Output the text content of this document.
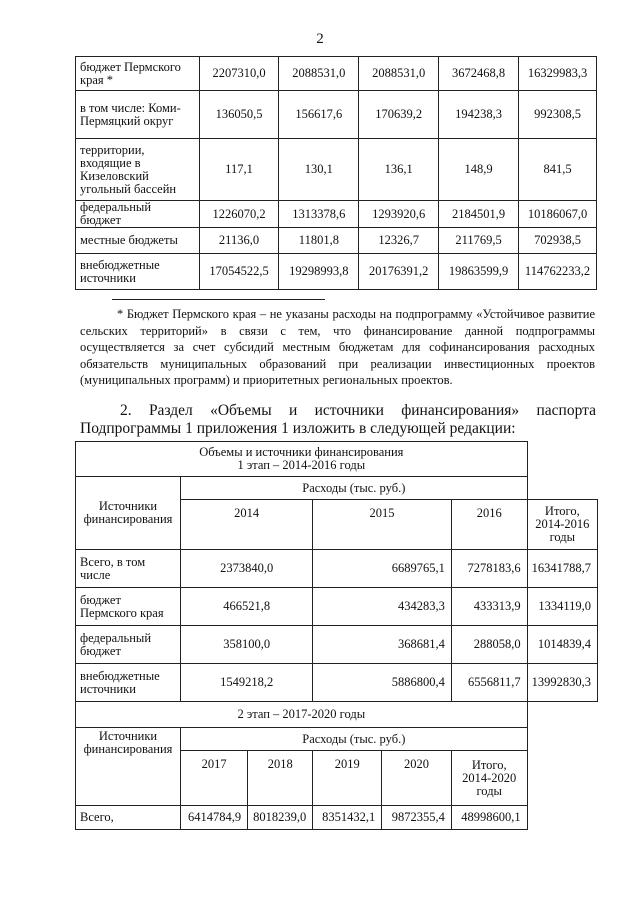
2
бюджет Пермского края *	2207310,0	2088531,0	2088531,0	3672468,8	16329983,3
в том числе: Коми-Пермяцкий округ	136050,5	156617,6	170639,2	194238,3	992308,5
территории, входящие в Кизеловский угольный бассейн	117,1	130,1	136,1	148,9	841,5
федеральный бюджет	1226070,2	1313378,6	1293920,6	2184501,9	10186067,0
местные бюджеты	21136,0	11801,8	12326,7	211769,5	702938,5
внебюджетные источники	17054522,5	19298993,8	20176391,2	19863599,9	114762233,2
* Бюджет Пермского края – не указаны расходы на подпрограмму «Устойчивое развитие сельских территорий» в связи с тем, что финансирование данной подпрограммы осуществляется за счет субсидий местным бюджетам для софинансирования расходных обязательств муниципальных образований при реализации инвестиционных проектов (муниципальных программ) и приоритетных региональных проектов.
2. Раздел «Объемы и источники финансирования» паспорта
Подпрограммы 1 приложения 1 изложить в следующей редакции:
Объемы и источники финансирования
1 этап – 2014-2016 годы						

Источники финансирования	Расходы (тыс. руб.)					
	2014		2015		2016	Итого, 2014-2016 годы
Всего, в том числе	2373840,0		6689765,1		7278183,6	16341788,7
бюджет Пермского края	466521,8		434283,3		433313,9	1334119,0
федеральный бюджет	358100,0		368681,4		288058,0	1014839,4
внебюджетные источники	1549218,2		5886800,4		6556811,7	13992830,3
2 этап – 2017-2020 годы						
Источники финансирования	Расходы (тыс. руб.)					
	2017	2018	2019	2020	Итого, 2014-2020 годы	
Всего,	6414784,9	8018239,0	8351432,1	9872355,4	48998600,1	
